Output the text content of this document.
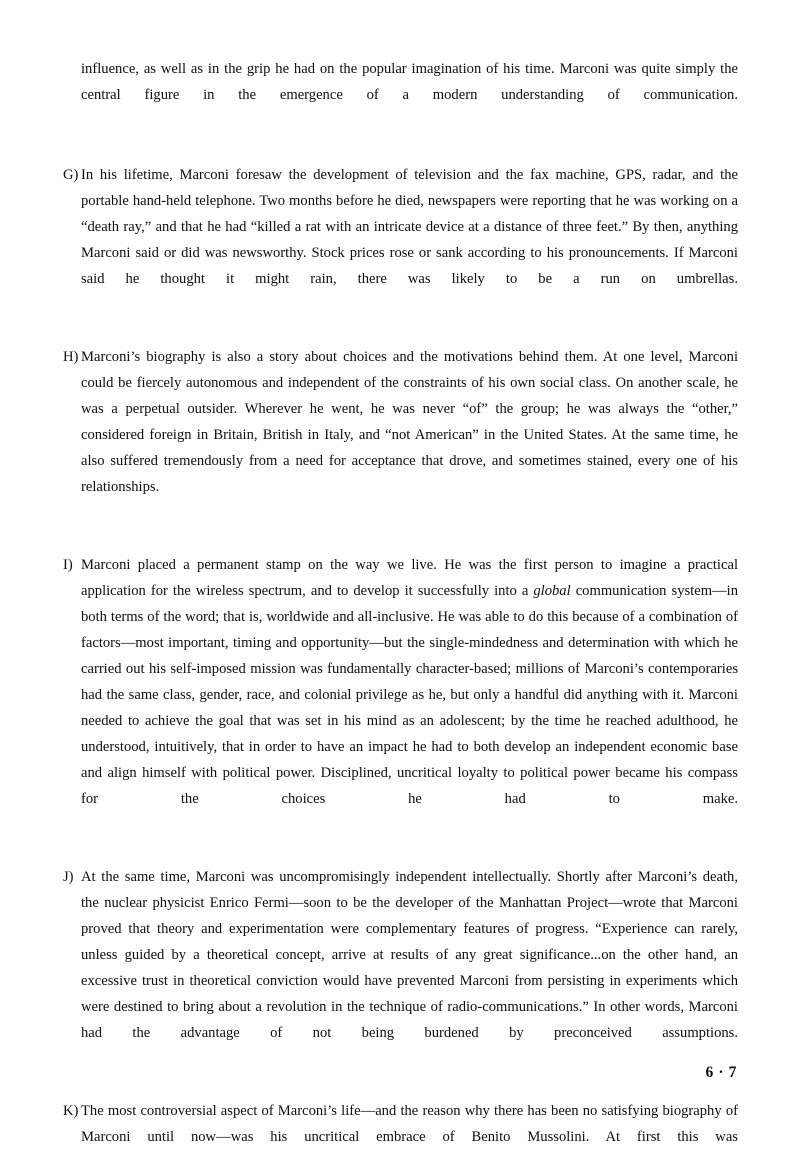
influence, as well as in the grip he had on the popular imagination of his time. Marconi was quite simply the central figure in the emergence of a modern understanding of communication.

G) In his lifetime, Marconi foresaw the development of television and the fax machine, GPS, radar, and the portable hand-held telephone. Two months before he died, newspapers were reporting that he was working on a “death ray,” and that he had “killed a rat with an intricate device at a distance of three feet.” By then, anything Marconi said or did was newsworthy. Stock prices rose or sank according to his pronouncements. If Marconi said he thought it might rain, there was likely to be a run on umbrellas.

H) Marconi’s biography is also a story about choices and the motivations behind them. At one level, Marconi could be fiercely autonomous and independent of the constraints of his own social class. On another scale, he was a perpetual outsider. Wherever he went, he was never “of” the group; he was always the “other,” considered foreign in Britain, British in Italy, and “not American” in the United States. At the same time, he also suffered tremendously from a need for acceptance that drove, and sometimes stained, every one of his relationships.

I) Marconi placed a permanent stamp on the way we live. He was the first person to imagine a practical application for the wireless spectrum, and to develop it successfully into a global communication system—in both terms of the word; that is, worldwide and all-inclusive. He was able to do this because of a combination of factors—most important, timing and opportunity—but the single-mindedness and determination with which he carried out his self-imposed mission was fundamentally character-based; millions of Marconi’s contemporaries had the same class, gender, race, and colonial privilege as he, but only a handful did anything with it. Marconi needed to achieve the goal that was set in his mind as an adolescent; by the time he reached adulthood, he understood, intuitively, that in order to have an impact he had to both develop an independent economic base and align himself with political power. Disciplined, uncritical loyalty to political power became his compass for the choices he had to make.

J) At the same time, Marconi was uncompromisingly independent intellectually. Shortly after Marconi’s death, the nuclear physicist Enrico Fermi—soon to be the developer of the Manhattan Project—wrote that Marconi proved that theory and experimentation were complementary features of progress. “Experience can rarely, unless guided by a theoretical concept, arrive at results of any great significance...on the other hand, an excessive trust in theoretical conviction would have prevented Marconi from persisting in experiments which were destined to bring about a revolution in the technique of radio-communications.” In other words, Marconi had the advantage of not being burdened by preconceived assumptions.

K) The most controversial aspect of Marconi’s life—and the reason why there has been no satisfying biography of Marconi until now—was his uncritical embrace of Benito Mussolini. At first this was

6 · 7
